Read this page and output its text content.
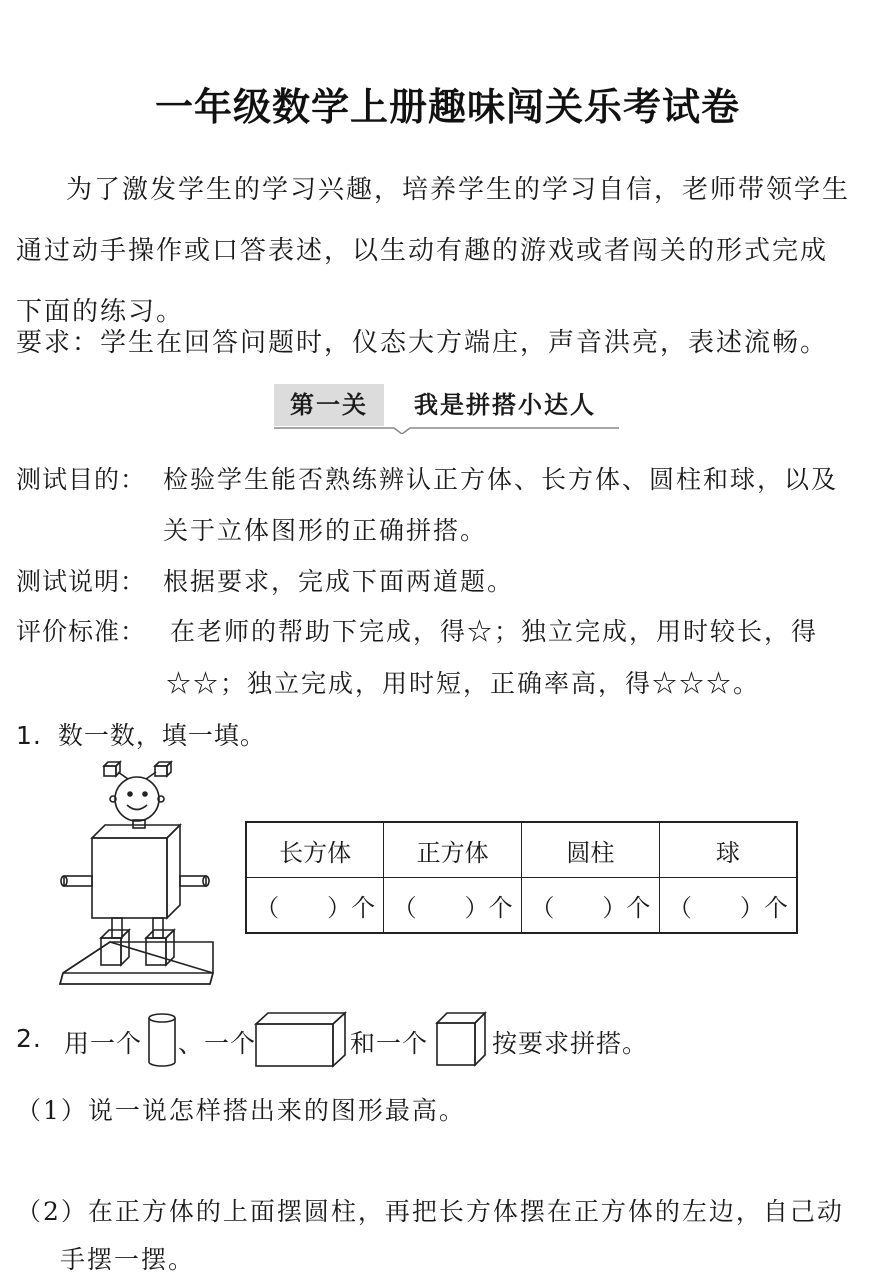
一年级数学上册趣味闯关乐考试卷
为了激发学生的学习兴趣，培养学生的学习自信，老师带领学生
通过动手操作或口答表述，以生动有趣的游戏或者闯关的形式完成
下面的练习。
要求：学生在回答问题时，仪态大方端庄，声音洪亮，表述流畅。
第一关	我是拼搭小达人
测试目的： 检验学生能否熟练辨认正方体、长方体、圆柱和球，以及
关于立体图形的正确拼搭。
测试说明： 根据要求，完成下面两道题。
评价标准： 在老师的帮助下完成，得☆；独立完成，用时较长，得
☆☆；独立完成，用时短，正确率高，得☆☆☆。
1. 数一数，填一填。
长方体	正方体	圆柱	球
（　　）个	（　　）个	（　　）个	（　　）个
2. 用一个 、一个	和一个	按要求拼搭。
（1）说一说怎样搭出来的图形最高。
（2）在正方体的上面摆圆柱，再把长方体摆在正方体的左边，自己动
手摆一摆。
